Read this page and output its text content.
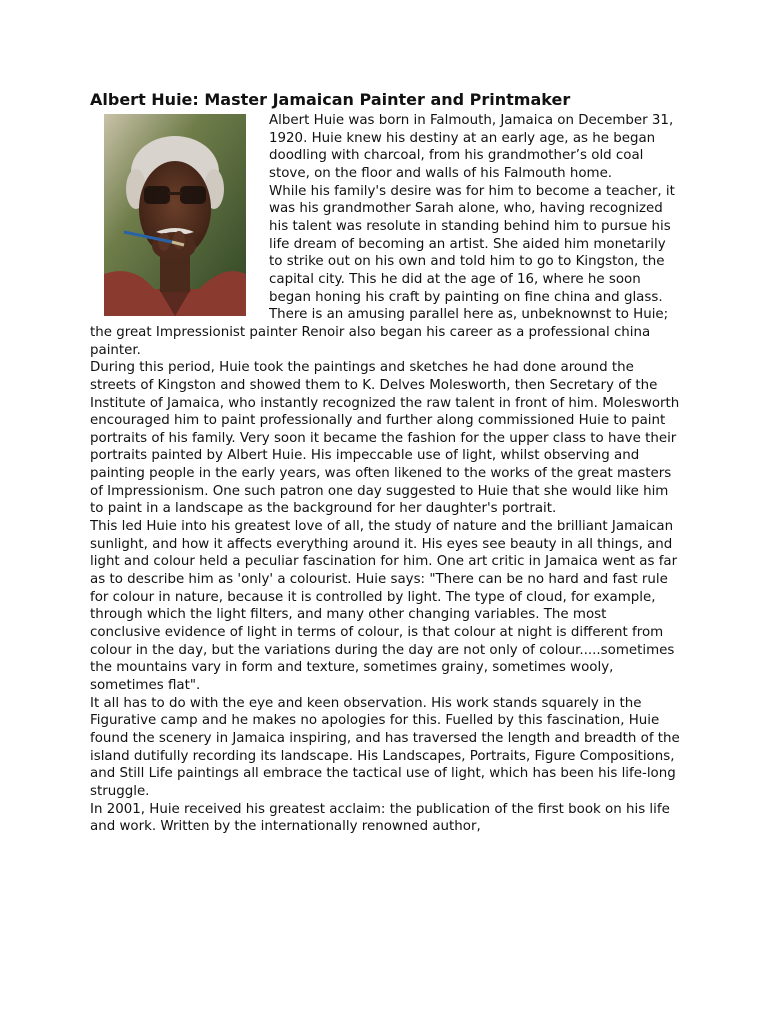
Albert Huie: Master Jamaican Painter and Printmaker

Albert Huie was born in Falmouth, Jamaica on December 31, 1920. Huie knew his destiny at an early age, as he began doodling with charcoal, from his grandmother’s old coal stove, on the floor and walls of his Falmouth home.

While his family's desire was for him to become a teacher, it was his grandmother Sarah alone, who, having recognized his talent was resolute in standing behind him to pursue his life dream of becoming an artist. She aided him monetarily to strike out on his own and told him to go to Kingston, the capital city. This he did at the age of 16, where he soon began honing his craft by painting on fine china and glass. There is an amusing parallel here as, unbeknownst to Huie; the great Impressionist painter Renoir also began his career as a professional china painter.

During this period, Huie took the paintings and sketches he had done around the streets of Kingston and showed them to K. Delves Molesworth, then Secretary of the Institute of Jamaica, who instantly recognized the raw talent in front of him. Molesworth encouraged him to paint professionally and further along commissioned Huie to paint portraits of his family. Very soon it became the fashion for the upper class to have their portraits painted by Albert Huie. His impeccable use of light, whilst observing and painting people in the early years, was often likened to the works of the great masters of Impressionism. One such patron one day suggested to Huie that she would like him to paint in a landscape as the background for her daughter's portrait.

This led Huie into his greatest love of all, the study of nature and the brilliant Jamaican sunlight, and how it affects everything around it. His eyes see beauty in all things, and light and colour held a peculiar fascination for him. One art critic in Jamaica went as far as to describe him as 'only' a colourist. Huie says: "There can be no hard and fast rule for colour in nature, because it is controlled by light. The type of cloud, for example, through which the light filters, and many other changing variables. The most conclusive evidence of light in terms of colour, is that colour at night is different from colour in the day, but the variations during the day are not only of colour.....sometimes the mountains vary in form and texture, sometimes grainy, sometimes wooly, sometimes flat".

It all has to do with the eye and keen observation. His work stands squarely in the Figurative camp and he makes no apologies for this. Fuelled by this fascination, Huie found the scenery in Jamaica inspiring, and has traversed the length and breadth of the island dutifully recording its landscape. His Landscapes, Portraits, Figure Compositions, and Still Life paintings all embrace the tactical use of light, which has been his life-long struggle.

In 2001, Huie received his greatest acclaim: the publication of the first book on his life and work. Written by the internationally renowned author,
